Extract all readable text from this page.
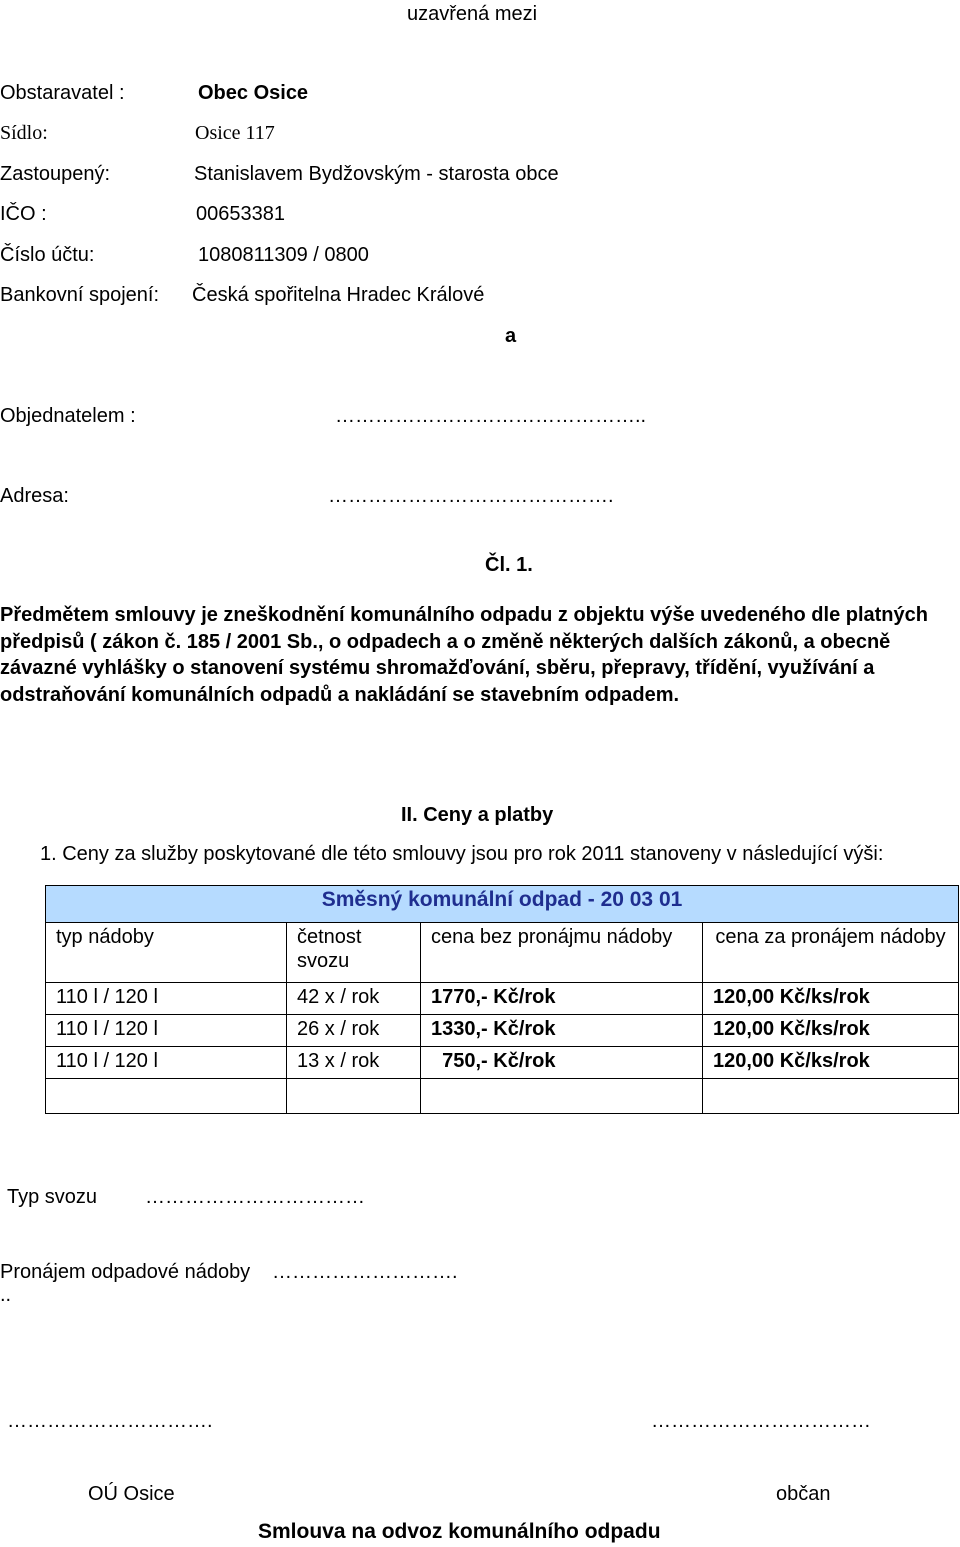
uzavřená mezi
Obstaravatel :	Obec Osice
Sídlo:	Osice 117
Zastoupený:	Stanislavem Bydžovským - starosta obce
IČO :	00653381
Číslo účtu:	1080811309 / 0800
Bankovní spojení: Česká spořitelna Hradec Králové
a
Objednatelem :	………………………………………..
Adresa:	…………………………………….
Čl. 1.
Předmětem smlouvy je zneškodnění komunálního odpadu z objektu výše uvedeného dle platných předpisů ( zákon č. 185 / 2001 Sb., o odpadech a o změně některých dalších zákonů, a obecně závazné vyhlášky o stanovení systému shromažďování, sběru, přepravy, třídění, využívání a odstraňování komunálních odpadů a nakládání se stavebním odpadem.
II. Ceny a platby
1. Ceny za služby poskytované dle této smlouvy jsou pro rok 2011 stanoveny v následující výši:
Směsný komunální odpad - 20 03 01			
typ nádoby	četnost svozu	cena bez pronájmu nádoby	cena za pronájem nádoby
110 l / 120 l	42 x / rok	1770,- Kč/rok	120,00 Kč/ks/rok
110 l / 120 l	26 x / rok	1330,- Kč/rok	120,00 Kč/ks/rok
110 l / 120 l	13 x / rok	750,- Kč/rok	120,00 Kč/ks/rok

Typ svozu ……………………………
Pronájem odpadové nádoby ……………………….
..
………………………….	……………………………
OÚ Osice	občan
Smlouva na odvoz komunálního odpadu
